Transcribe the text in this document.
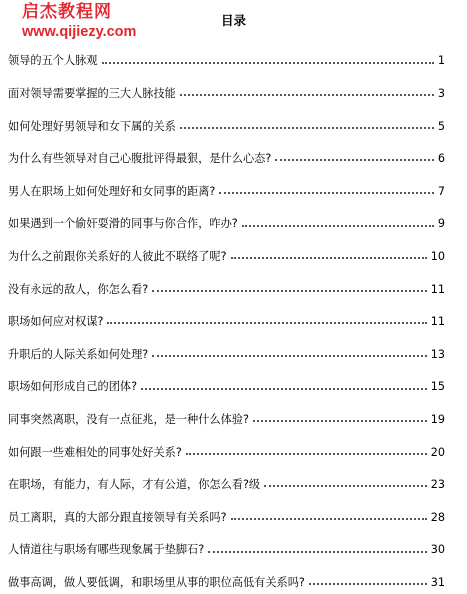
启杰教程网
www.qijiezy.com
目录
领导的五个人脉观	1
面对领导需要掌握的三大人脉技能	3
如何处理好男领导和女下属的关系	5
为什么有些领导对自己心腹批评得最狠，是什么心态?	6
男人在职场上如何处理好和女同事的距离?	7
如果遇到一个偷奸耍滑的同事与你合作，咋办?	9
为什么之前跟你关系好的人彼此不联络了呢?	10
没有永远的敌人，你怎么看?	11
职场如何应对权谋?	11
升职后的人际关系如何处理?	13
职场如何形成自己的团体?	15
同事突然离职，没有一点征兆，是一种什么体验?	19
如何跟一些难相处的同事处好关系?	20
在职场，有能力，有人际，才有公道，你怎么看?级	23
员工离职，真的大部分跟直接领导有关系吗?	28
人情道往与职场有哪些现象属于垫脚石?	30
做事高调，做人要低调，和职场里从事的职位高低有关系吗?	31
